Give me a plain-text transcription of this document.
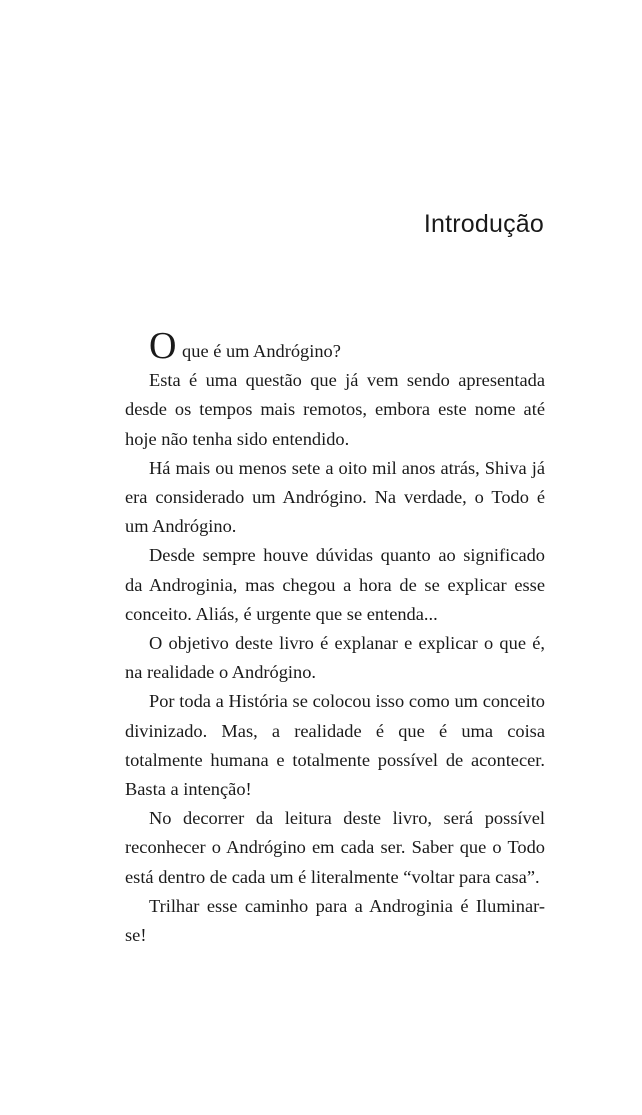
Introdução

O que é um Andrógino?

Esta é uma questão que já vem sendo apresentada desde os tempos mais remotos, embora este nome até hoje não tenha sido entendido.

Há mais ou menos sete a oito mil anos atrás, Shiva já era considerado um Andrógino. Na verdade, o Todo é um Andrógino.

Desde sempre houve dúvidas quanto ao significado da Androginia, mas chegou a hora de se explicar esse conceito. Aliás, é urgente que se entenda...

O objetivo deste livro é explanar e explicar o que é, na realidade o Andrógino.

Por toda a História se colocou isso como um conceito divinizado. Mas, a realidade é que é uma coisa totalmente humana e totalmente possível de acontecer. Basta a intenção!

No decorrer da leitura deste livro, será possível reconhecer o Andrógino em cada ser. Saber que o Todo está dentro de cada um é literalmente “voltar para casa”.

Trilhar esse caminho para a Androginia é Iluminar-se!
